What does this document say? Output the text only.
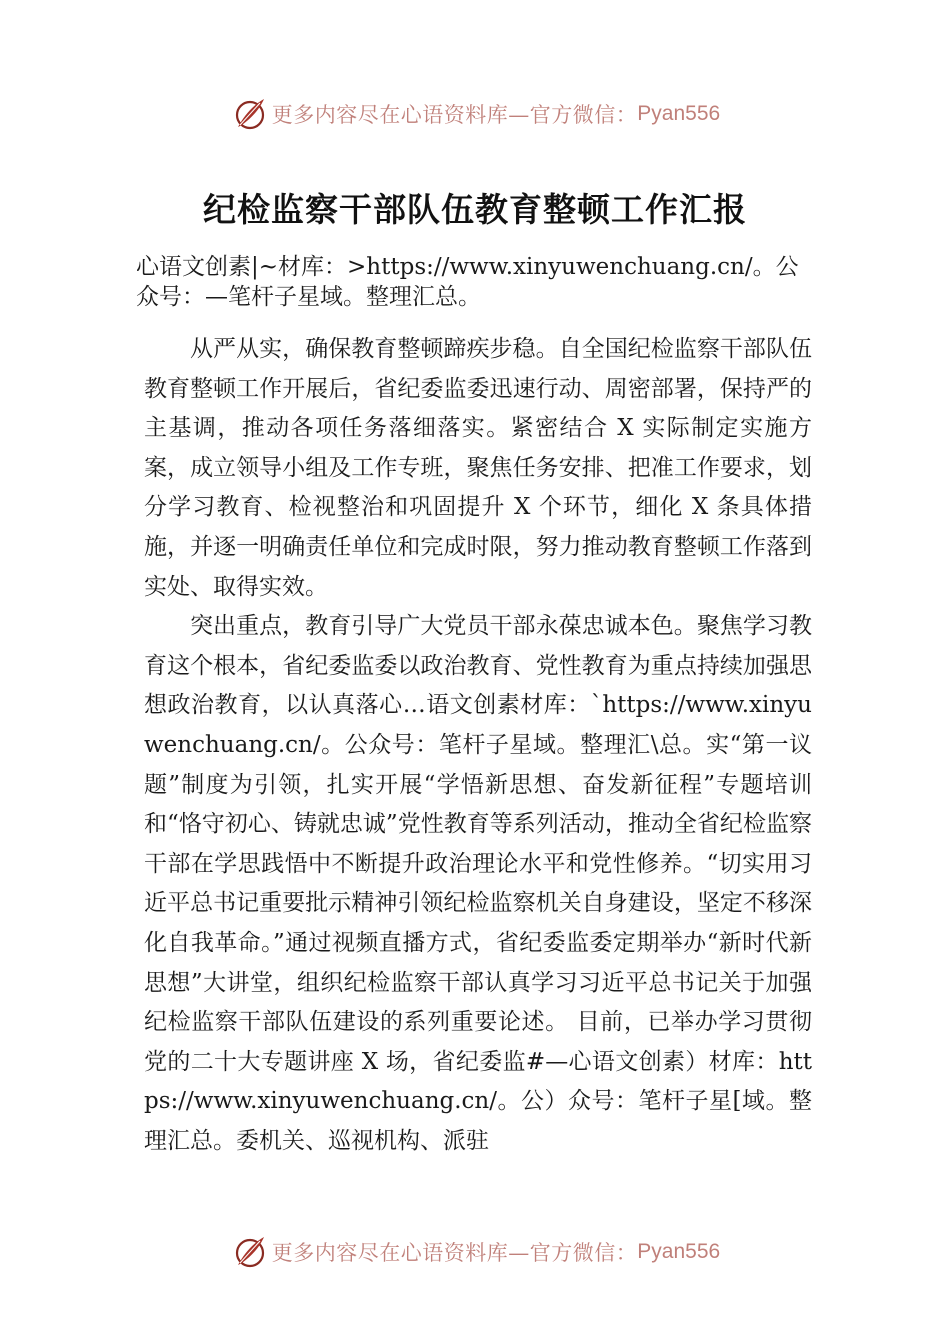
更多内容尽在心语资料库—官方微信： Pyan556
纪检监察干部队伍教育整顿工作汇报
心语文创素|~材库：>https://www.xinyuwenchuang.cn/。公众号：—笔杆子星域。整理汇总。

从严从实，确保教育整顿蹄疾步稳。自全国纪检监察干部队伍教育整顿工作开展后，省纪委监委迅速行动、周密部署，保持严的主基调，推动各项任务落细落实。紧密结合 X 实际制定实施方案，成立领导小组及工作专班，聚焦任务安排、把准工作要求，划分学习教育、检视整治和巩固提升 X 个环节，细化 X 条具体措施，并逐一明确责任单位和完成时限，努力推动教育整顿工作落到实处、取得实效。

突出重点，教育引导广大党员干部永葆忠诚本色。聚焦学习教育这个根本，省纪委监委以政治教育、党性教育为重点持续加强思想政治教育，以认真落心…语文创素材库：`https://www.xinyuwenchuang.cn/。公众号：笔杆子星域。整理汇\总。实“第一议题”制度为引领，扎实开展“学悟新思想、奋发新征程”专题培训和“恪守初心、铸就忠诚”党性教育等系列活动，推动全省纪检监察干部在学思践悟中不断提升政治理论水平和党性修养。“切实用习近平总书记重要批示精神引领纪检监察机关自身建设，坚定不移深化自我革命。”通过视频直播方式，省纪委监委定期举办“新时代新思想”大讲堂，组织纪检监察干部认真学习习近平总书记关于加强纪检监察干部队伍建设的系列重要论述。 目前，已举办学习贯彻党的二十大专题讲座 X 场，省纪委监#—心语文创素）材库：https://www.xinyuwenchuang.cn/。公）众号：笔杆子星[域。整理汇总。委机关、巡视机构、派驻

更多内容尽在心语资料库—官方微信： Pyan556
